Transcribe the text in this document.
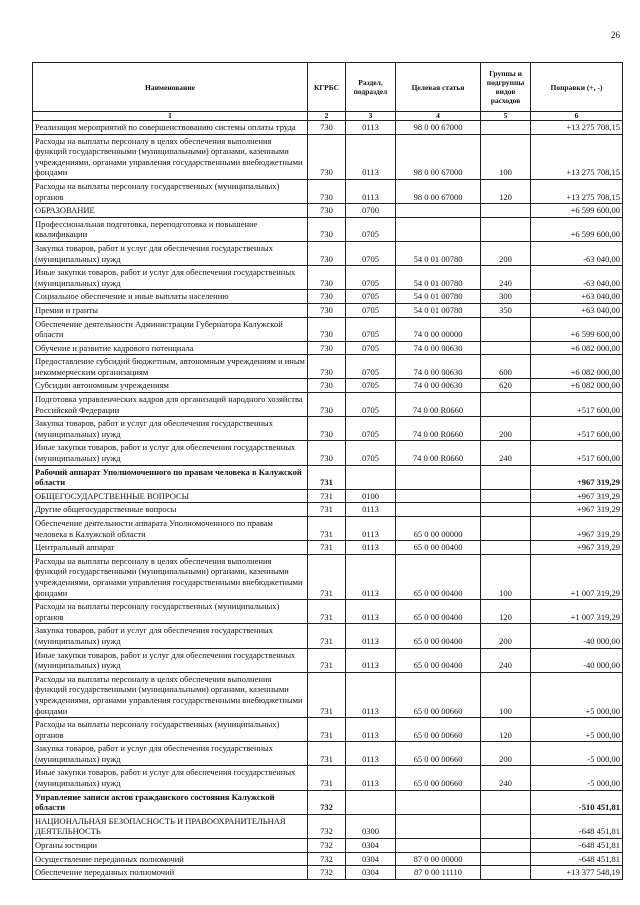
26
Наименование	КГРБС	Раздел, подраздел	Целевая статья	Группы и подгруппы видов расходов	Поправки (+, -)
1	2	3	4	5	6
Реализация мероприятий по совершенствованию системы оплаты труда	730	0113	98 0 00 67000		+13 275 708,15
Расходы на выплаты персоналу в целях обеспечения выполнения функций государственными (муниципальными) органами, казенными учреждениями, органами управления государственными внебюджетными фондами	730	0113	98 0 00 67000	100	+13 275 708,15
Расходы на выплаты персоналу государственных (муниципальных) органов	730	0113	98 0 00 67000	120	+13 275 708,15
ОБРАЗОВАНИЕ	730	0700			+6 599 600,00
Профессиональная подготовка, переподготовка и повышение квалификации	730	0705			+6 599 600,00
Закупка товаров, работ и услуг для обеспечения государственных (муниципальных) нужд	730	0705	54 0 01 00780	200	-63 040,00
Иные закупки товаров, работ и услуг для обеспечения государственных (муниципальных) нужд	730	0705	54 0 01 00780	240	-63 040,00
Социальное обеспечение и иные выплаты населению	730	0705	54 0 01 00780	300	+63 040,00
Премии и гранты	730	0705	54 0 01 00780	350	+63 040,00
Обеспечение деятельности Администрации Губернатора Калужской области	730	0705	74 0 00 00000		+6 599 600,00
Обучение и развитие кадрового потенциала	730	0705	74 0 00 00630		+6 082 000,00
Предоставление субсидий бюджетным, автономным учреждениям и иным некоммерческим организациям	730	0705	74 0 00 00630	600	+6 082 000,00
Субсидии автономным учреждениям	730	0705	74 0 00 00630	620	+6 082 000,00
Подготовка управленческих кадров для организаций народного хозяйства Российской Федерации	730	0705	74 0 00 R0660		+517 600,00
Закупка товаров, работ и услуг для обеспечения государственных (муниципальных) нужд	730	0705	74 0 00 R0660	200	+517 600,00
Иные закупки товаров, работ и услуг для обеспечения государственных (муниципальных) нужд	730	0705	74 0 00 R0660	240	+517 600,00
Рабочий аппарат Уполномоченного по правам человека в Калужской области	731				+967 319,29
ОБЩЕГОСУДАРСТВЕННЫЕ ВОПРОСЫ	731	0100			+967 319,29
Другие общегосударственные вопросы	731	0113			+967 319,29
Обеспечение деятельности аппарата Уполномоченного по правам человека в Калужской области	731	0113	65 0 00 00000		+967 319,29
Центральный аппарат	731	0113	65 0 00 00400		+967 319,29
Расходы на выплаты персоналу в целях обеспечения выполнения функций государственными (муниципальными) органами, казенными учреждениями, органами управления государственными внебюджетными фондами	731	0113	65 0 00 00400	100	+1 007 319,29
Расходы на выплаты персоналу государственных (муниципальных) органов	731	0113	65 0 00 00400	120	+1 007 319,29
Закупка товаров, работ и услуг для обеспечения государственных (муниципальных) нужд	731	0113	65 0 00 00400	200	-40 000,00
Иные закупки товаров, работ и услуг для обеспечения государственных (муниципальных) нужд	731	0113	65 0 00 00400	240	-40 000,00
Расходы на выплаты персоналу в целях обеспечения выполнения функций государственными (муниципальными) органами, казенными учреждениями, органами управления государственными внебюджетными фондами	731	0113	65 0 00 00660	100	+5 000,00
Расходы на выплаты персоналу государственных (муниципальных) органов	731	0113	65 0 00 00660	120	+5 000,00
Закупка товаров, работ и услуг для обеспечения государственных (муниципальных) нужд	731	0113	65 0 00 00660	200	-5 000,00
Иные закупки товаров, работ и услуг для обеспечения государственных (муниципальных) нужд	731	0113	65 0 00 00660	240	-5 000,00
Управление записи актов гражданского состояния Калужской области	732				-510 451,81
НАЦИОНАЛЬНАЯ БЕЗОПАСНОСТЬ И ПРАВООХРАНИТЕЛЬНАЯ ДЕЯТЕЛЬНОСТЬ	732	0300			-648 451,81
Органы юстиции	732	0304			-648 451,81
Осуществление переданных полномочий	732	0304	87 0 00 00000		-648 451,81
Обеспечение переданных полномочий	732	0304	87 0 00 11110		+13 377 548,19
